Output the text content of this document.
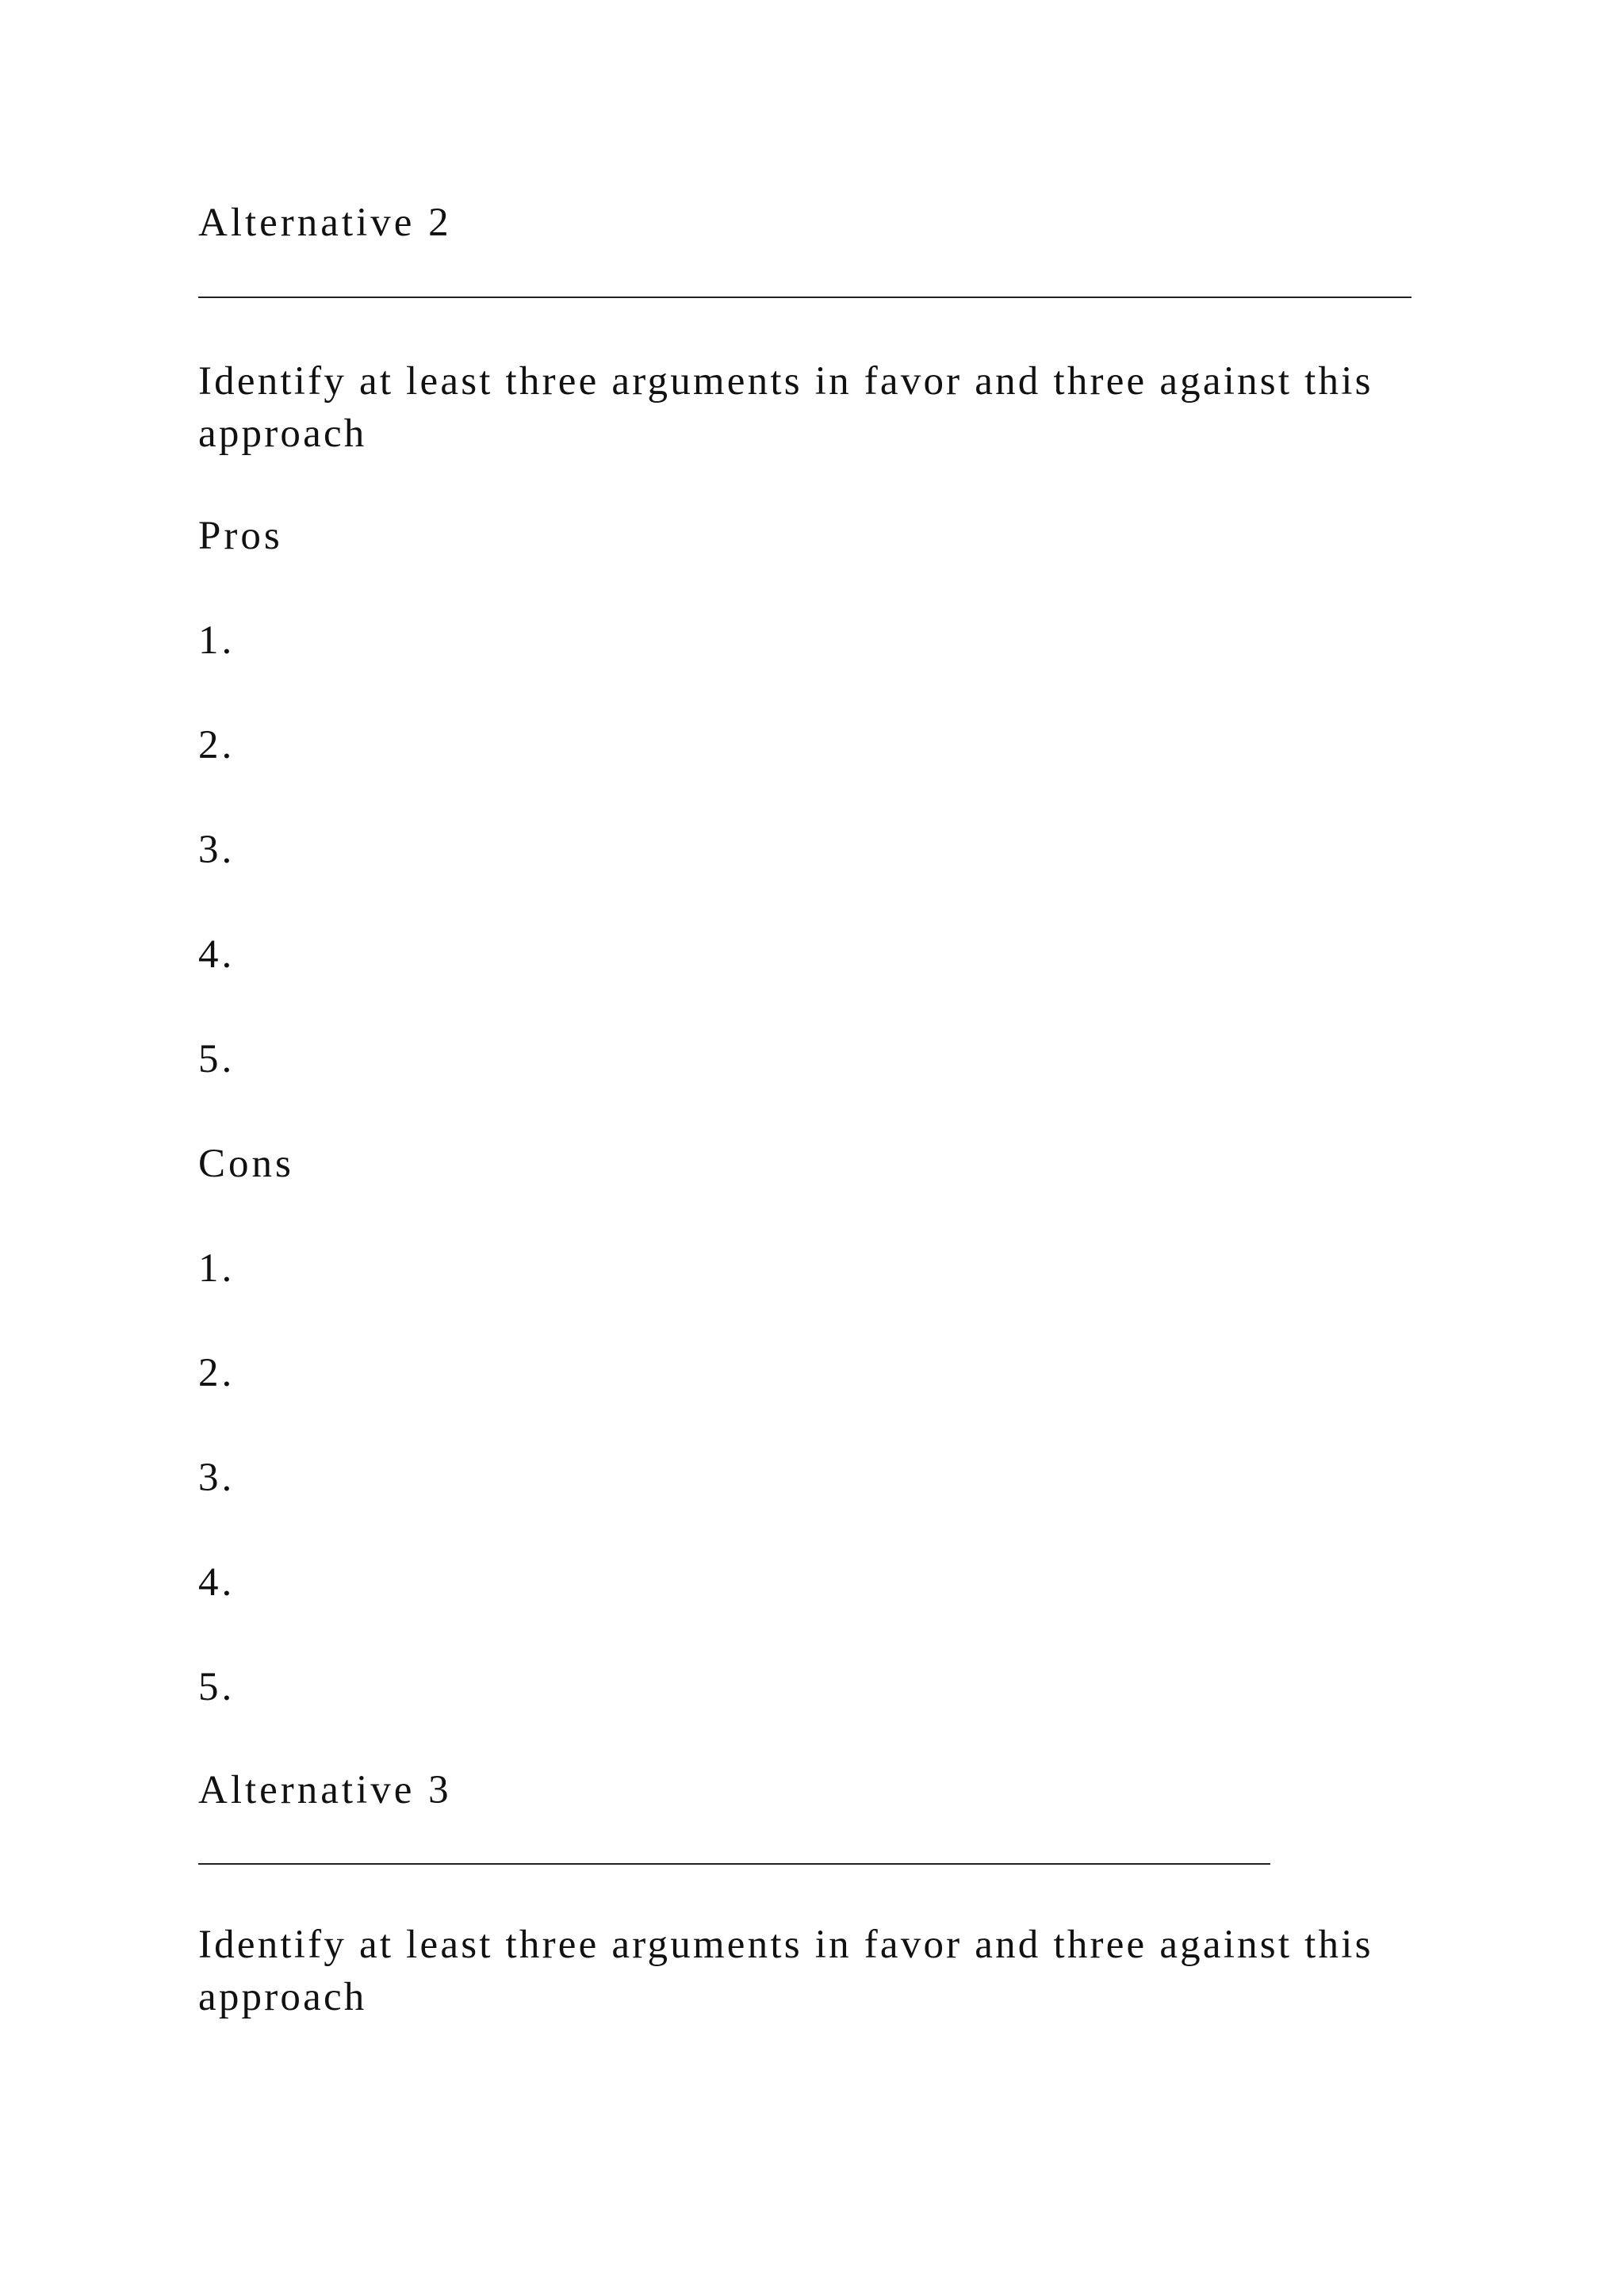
Alternative 2
Identify at least three arguments in favor and three against this approach
Pros
1.
2.
3.
4.
5.
Cons
1.
2.
3.
4.
5.
Alternative 3
Identify at least three arguments in favor and three against this approach
